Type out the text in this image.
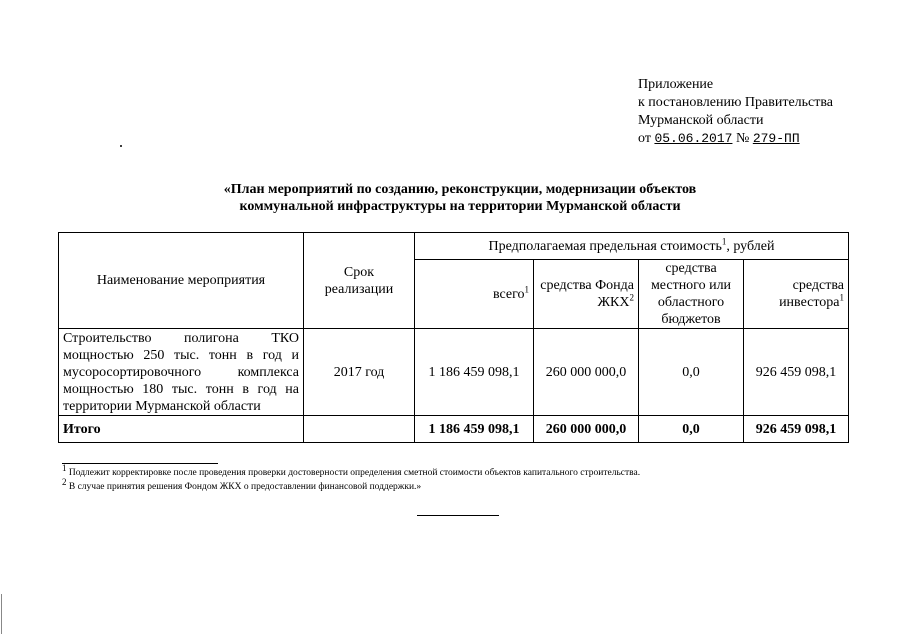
Приложение
к постановлению Правительства
Мурманской области
от 05.06.2017 № 279-ПП
«План мероприятий по созданию, реконструкции, модернизации объектов
коммунальной инфраструктуры на территории Мурманской области
Наименование мероприятия	Срок реализации	Предполагаемая предельная стоимость$^1$, рублей			
		всего$^1$	средства Фонда ЖКХ$^2$	средства местного или областного бюджетов	средства инвестора$^1$
Строительство полигона ТКО мощностью 250 тыс. тонн в год и мусоросортировочного комплекса мощностью 180 тыс. тонн в год на территории Мурманской области	2017 год	1 186 459 098,1	260 000 000,0	0,0	926 459 098,1
Итого		1 186 459 098,1	260 000 000,0	0,0	926 459 098,1
$^1$ Подлежит корректировке после проведения проверки достоверности определения сметной стоимости объектов капитального строительства.
$^2$ В случае принятия решения Фондом ЖКХ о предоставлении финансовой поддержки.»
